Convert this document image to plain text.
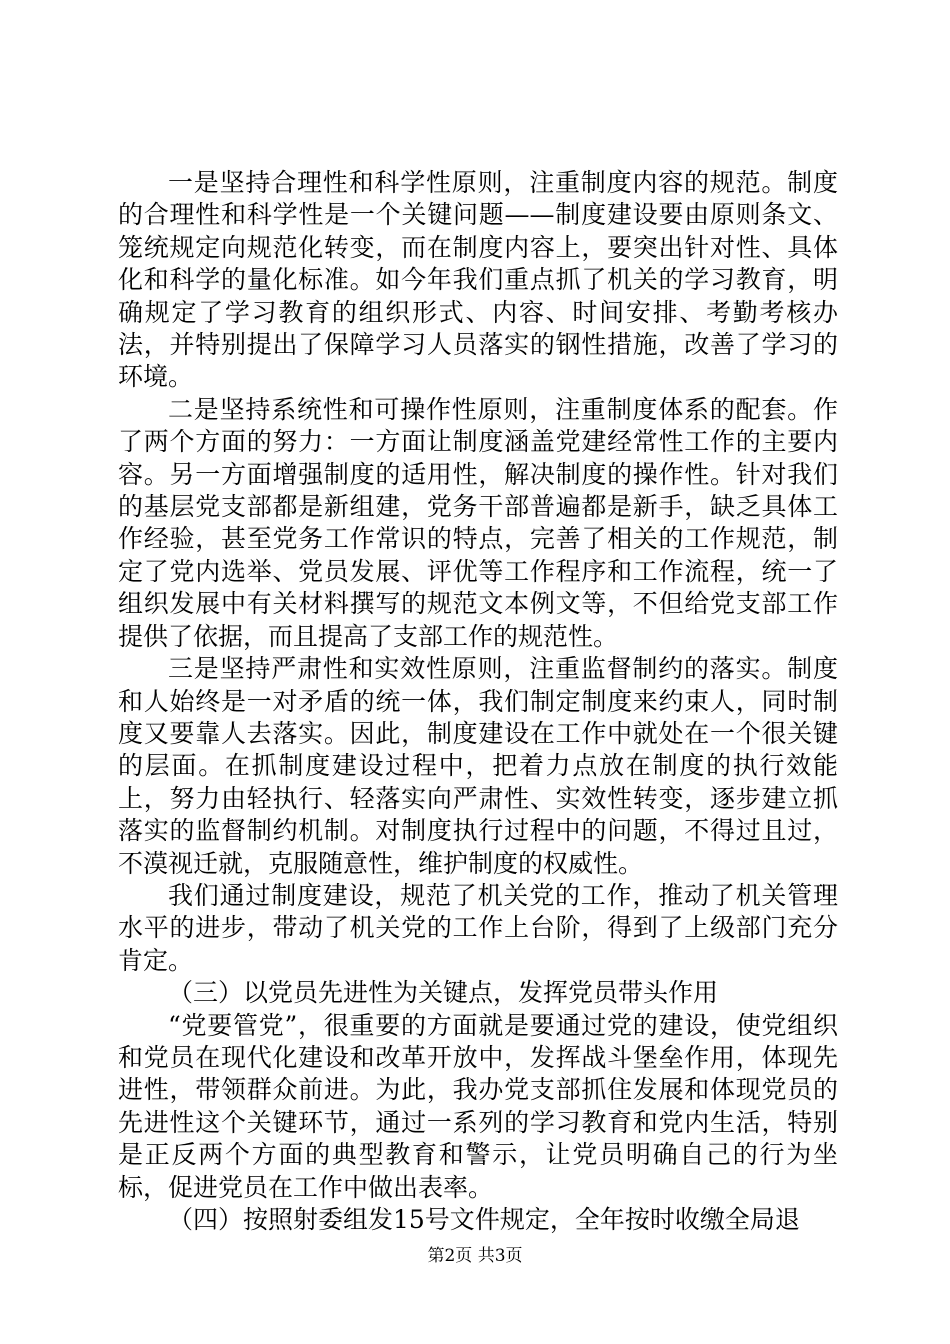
一是坚持合理性和科学性原则，注重制度内容的规范。制度的合理性和科学性是一个关键问题——制度建设要由原则条文、笼统规定向规范化转变，而在制度内容上，要突出针对性、具体化和科学的量化标准。如今年我们重点抓了机关的学习教育，明确规定了学习教育的组织形式、内容、时间安排、考勤考核办法，并特别提出了保障学习人员落实的钢性措施，改善了学习的环境。

二是坚持系统性和可操作性原则，注重制度体系的配套。作了两个方面的努力：一方面让制度涵盖党建经常性工作的主要内容。另一方面增强制度的适用性，解决制度的操作性。针对我们的基层党支部都是新组建，党务干部普遍都是新手，缺乏具体工作经验，甚至党务工作常识的特点，完善了相关的工作规范，制定了党内选举、党员发展、评优等工作程序和工作流程，统一了组织发展中有关材料撰写的规范文本例文等，不但给党支部工作提供了依据，而且提高了支部工作的规范性。

三是坚持严肃性和实效性原则，注重监督制约的落实。制度和人始终是一对矛盾的统一体，我们制定制度来约束人，同时制度又要靠人去落实。因此，制度建设在工作中就处在一个很关键的层面。在抓制度建设过程中，把着力点放在制度的执行效能上，努力由轻执行、轻落实向严肃性、实效性转变，逐步建立抓落实的监督制约机制。对制度执行过程中的问题，不得过且过，不漠视迁就，克服随意性，维护制度的权威性。

我们通过制度建设，规范了机关党的工作，推动了机关管理水平的进步，带动了机关党的工作上台阶，得到了上级部门充分肯定。

（三）以党员先进性为关键点，发挥党员带头作用

“党要管党”，很重要的方面就是要通过党的建设，使党组织和党员在现代化建设和改革开放中，发挥战斗堡垒作用，体现先进性，带领群众前进。为此，我办党支部抓住发展和体现党员的先进性这个关键环节，通过一系列的学习教育和党内生活，特别是正反两个方面的典型教育和警示，让党员明确自己的行为坐标，促进党员在工作中做出表率。

（四）按照射委组发15号文件规定，全年按时收缴全局退

第2页 共3页
